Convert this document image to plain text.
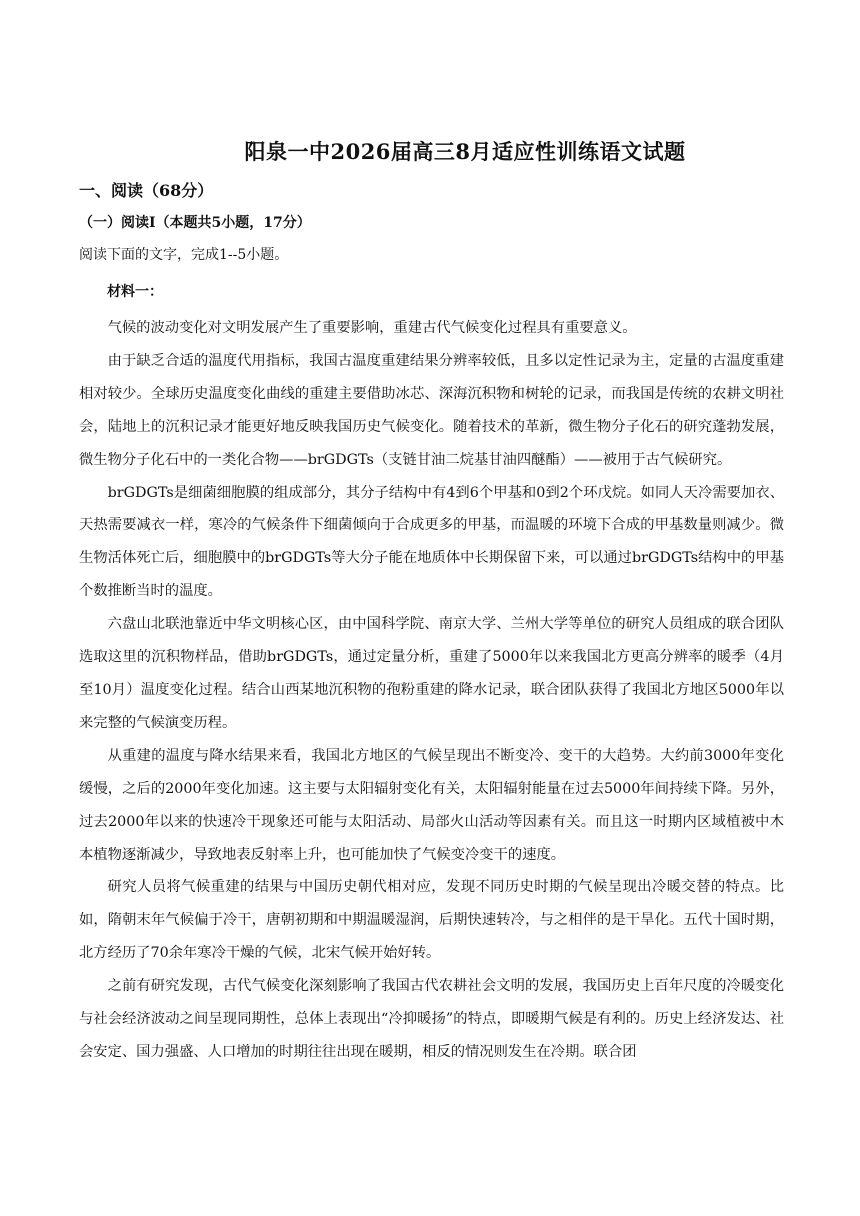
阳泉一中2026届高三8月适应性训练语文试题
一、阅读（68分）
（一）阅读Ⅰ（本题共5小题，17分）
阅读下面的文字，完成1--5小题。
材料一：

气候的波动变化对文明发展产生了重要影响，重建古代气候变化过程具有重要意义。

由于缺乏合适的温度代用指标，我国古温度重建结果分辨率较低，且多以定性记录为主，定量的古温度重建相对较少。全球历史温度变化曲线的重建主要借助冰芯、深海沉积物和树轮的记录，而我国是传统的农耕文明社会，陆地上的沉积记录才能更好地反映我国历史气候变化。随着技术的革新，微生物分子化石的研究蓬勃发展，微生物分子化石中的一类化合物——brGDGTs（支链甘油二烷基甘油四醚酯）——被用于古气候研究。

brGDGTs是细菌细胞膜的组成部分，其分子结构中有4到6个甲基和0到2个环戊烷。如同人天冷需要加衣、天热需要减衣一样，寒冷的气候条件下细菌倾向于合成更多的甲基，而温暖的环境下合成的甲基数量则减少。微生物活体死亡后，细胞膜中的brGDGTs等大分子能在地质体中长期保留下来，可以通过brGDGTs结构中的甲基个数推断当时的温度。

六盘山北联池靠近中华文明核心区，由中国科学院、南京大学、兰州大学等单位的研究人员组成的联合团队选取这里的沉积物样品，借助brGDGTs，通过定量分析，重建了5000年以来我国北方更高分辨率的暖季（4月至10月）温度变化过程。结合山西某地沉积物的孢粉重建的降水记录，联合团队获得了我国北方地区5000年以来完整的气候演变历程。

从重建的温度与降水结果来看，我国北方地区的气候呈现出不断变冷、变干的大趋势。大约前3000年变化缓慢，之后的2000年变化加速。这主要与太阳辐射变化有关，太阳辐射能量在过去5000年间持续下降。另外，过去2000年以来的快速冷干现象还可能与太阳活动、局部火山活动等因素有关。而且这一时期内区域植被中木本植物逐渐减少，导致地表反射率上升，也可能加快了气候变冷变干的速度。

研究人员将气候重建的结果与中国历史朝代相对应，发现不同历史时期的气候呈现出冷暖交替的特点。比如，隋朝末年气候偏于冷干，唐朝初期和中期温暖湿润，后期快速转冷，与之相伴的是干旱化。五代十国时期，北方经历了70余年寒冷干燥的气候，北宋气候开始好转。

之前有研究发现，古代气候变化深刻影响了我国古代农耕社会文明的发展，我国历史上百年尺度的冷暖变化与社会经济波动之间呈现同期性，总体上表现出“冷抑暖扬”的特点，即暖期气候是有利的。历史上经济发达、社会安定、国力强盛、人口增加的时期往往出现在暖期，相反的情况则发生在冷期。联合团
